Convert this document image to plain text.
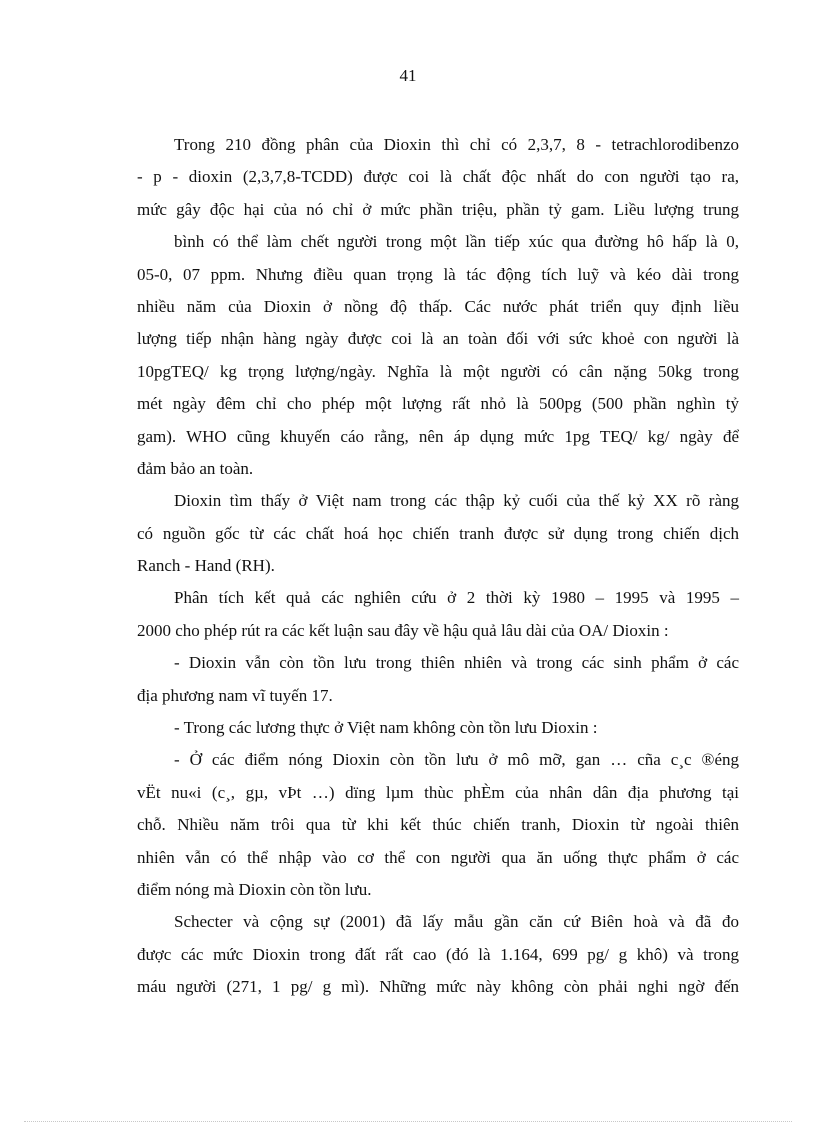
41
Trong 210 đồng phân của Dioxin thì chỉ có 2,3,7, 8 - tetrachlorodibenzo
- p - dioxin (2,3,7,8-TCDD) được coi là chất độc nhất do con người tạo ra,
mức gây độc hại của nó chỉ ở mức phần triệu, phần tỷ gam. Liều lượng trung
bình có thể làm chết người trong một lần tiếp xúc qua đường hô hấp là 0,
05-0, 07 ppm. Nhưng điều quan trọng là tác động tích luỹ và kéo dài trong
nhiều năm của Dioxin ở nồng độ thấp. Các nước phát triển quy định liều
lượng tiếp nhận hàng ngày được coi là an toàn đối với sức khoẻ con người là
10pgTEQ/ kg trọng lượng/ngày. Nghĩa là một người có cân nặng 50kg trong
mét ngày đêm chỉ cho phép một lượng rất nhỏ là 500pg (500 phần nghìn tỷ
gam). WHO cũng khuyến cáo rằng, nên áp dụng mức 1pg TEQ/ kg/ ngày để
đảm bảo an toàn.
Dioxin tìm thấy ở Việt nam trong các thập kỷ cuối của thế kỷ XX rõ ràng
có nguồn gốc từ các chất hoá học chiến tranh được sử dụng trong chiến dịch
Ranch - Hand (RH).
Phân tích kết quả các nghiên cứu ở 2 thời kỳ 1980 – 1995 và 1995 –
2000 cho phép rút ra các kết luận sau đây về hậu quả lâu dài của OA/ Dioxin :
- Dioxin vẫn còn tồn lưu trong thiên nhiên và trong các sinh phẩm ở các
địa phương nam vĩ tuyến 17.
- Trong các lương thực ở Việt nam không còn tồn lưu Dioxin :
- Ở các điểm nóng Dioxin còn tồn lưu ở mô mỡ, gan … cña c¸c ®éng
vËt nu«i (c¸, gµ, vÞt …) dïng lµm thùc phÈm của nhân dân địa phương tại
chỗ. Nhiều năm trôi qua từ khi kết thúc chiến tranh, Dioxin từ ngoài thiên
nhiên vẫn có thể nhập vào cơ thể con người qua ăn uống thực phẩm ở các
điểm nóng mà Dioxin còn tồn lưu.
Schecter và cộng sự (2001) đã lấy mẫu gần căn cứ Biên hoà và đã đo
được các mức Dioxin trong đất rất cao (đó là 1.164, 699 pg/ g khô) và trong
máu người (271, 1 pg/ g mì). Những mức này không còn phải nghi ngờ đến
